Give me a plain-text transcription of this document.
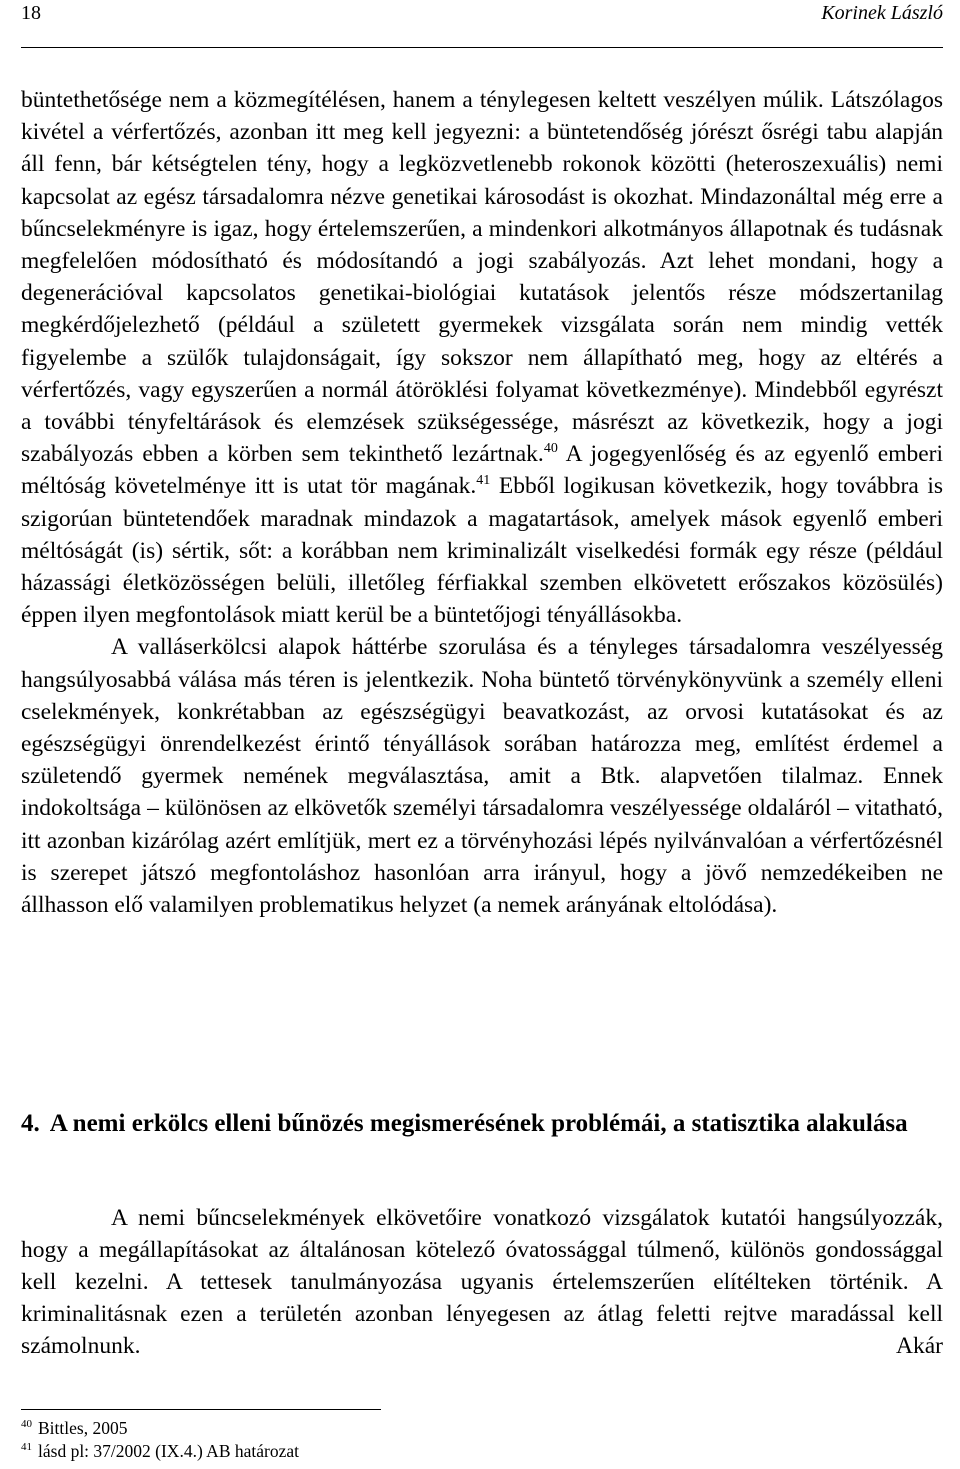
18	Korinek László

büntethetősége nem a közmegítélésen, hanem a ténylegesen keltett veszélyen múlik. Látszólagos kivétel a vérfertőzés, azonban itt meg kell jegyezni: a büntetendőség jórészt ősrégi tabu alapján áll fenn, bár kétségtelen tény, hogy a legközvetlenebb rokonok közötti (heteroszexuális) nemi kapcsolat az egész társadalomra nézve genetikai károsodást is okozhat. Mindazonáltal még erre a bűncselekményre is igaz, hogy értelemszerűen, a mindenkori alkotmányos állapotnak és tudásnak megfelelően módosítható és módosítandó a jogi szabályozás. Azt lehet mondani, hogy a degenerációval kapcsolatos genetikai-biológiai kutatások jelentős része módszertanilag megkérdőjelezhető (például a született gyermekek vizsgálata során nem mindig vették figyelembe a szülők tulajdonságait, így sokszor nem állapítható meg, hogy az eltérés a vérfertőzés, vagy egyszerűen a normál átöröklési folyamat következménye). Mindebből egyrészt a további tényfeltárások és elemzések szükségessége, másrészt az következik, hogy a jogi szabályozás ebben a körben sem tekinthető lezártnak.$^{40}$ A jogegyenlőség és az egyenlő emberi méltóság követelménye itt is utat tör magának.$^{41}$ Ebből logikusan következik, hogy továbbra is szigorúan büntetendőek maradnak mindazok a magatartások, amelyek mások egyenlő emberi méltóságát (is) sértik, sőt: a korábban nem kriminalizált viselkedési formák egy része (például házassági életközösségen belüli, illetőleg férfiakkal szemben elkövetett erőszakos közösülés) éppen ilyen megfontolások miatt kerül be a büntetőjogi tényállásokba.

A valláserkölcsi alapok háttérbe szorulása és a tényleges társadalomra veszélyesség hangsúlyosabbá válása más téren is jelentkezik. Noha büntető törvénykönyvünk a személy elleni cselekmények, konkrétabban az egészségügyi beavatkozást, az orvosi kutatásokat és az egészségügyi önrendelkezést érintő tényállások sorában határozza meg, említést érdemel a születendő gyermek nemének megválasztása, amit a Btk. alapvetően tilalmaz. Ennek indokoltsága – különösen az elkövetők személyi társadalomra veszélyessége oldaláról – vitatható, itt azonban kizárólag azért említjük, mert ez a törvényhozási lépés nyilvánvalóan a vérfertőzésnél is szerepet játszó megfontoláshoz hasonlóan arra irányul, hogy a jövő nemzedékeiben ne állhasson elő valamilyen problematikus helyzet (a nemek arányának eltolódása).

4. A nemi erkölcs elleni bűnözés megismerésének problémái, a statisztika alakulása

A nemi bűncselekmények elkövetőire vonatkozó vizsgálatok kutatói hangsúlyozzák, hogy a megállapításokat az általánosan kötelező óvatossággal túlmenő, különös gondossággal kell kezelni. A tettesek tanulmányozása ugyanis értelemszerűen elítélteken történik. A kriminalitásnak ezen a területén azonban lényegesen az átlag feletti rejtve maradással kell számolnunk. Akár

$^{40}$ Bittles, 2005
$^{41}$ lásd pl: 37/2002 (IX.4.) AB határozat
